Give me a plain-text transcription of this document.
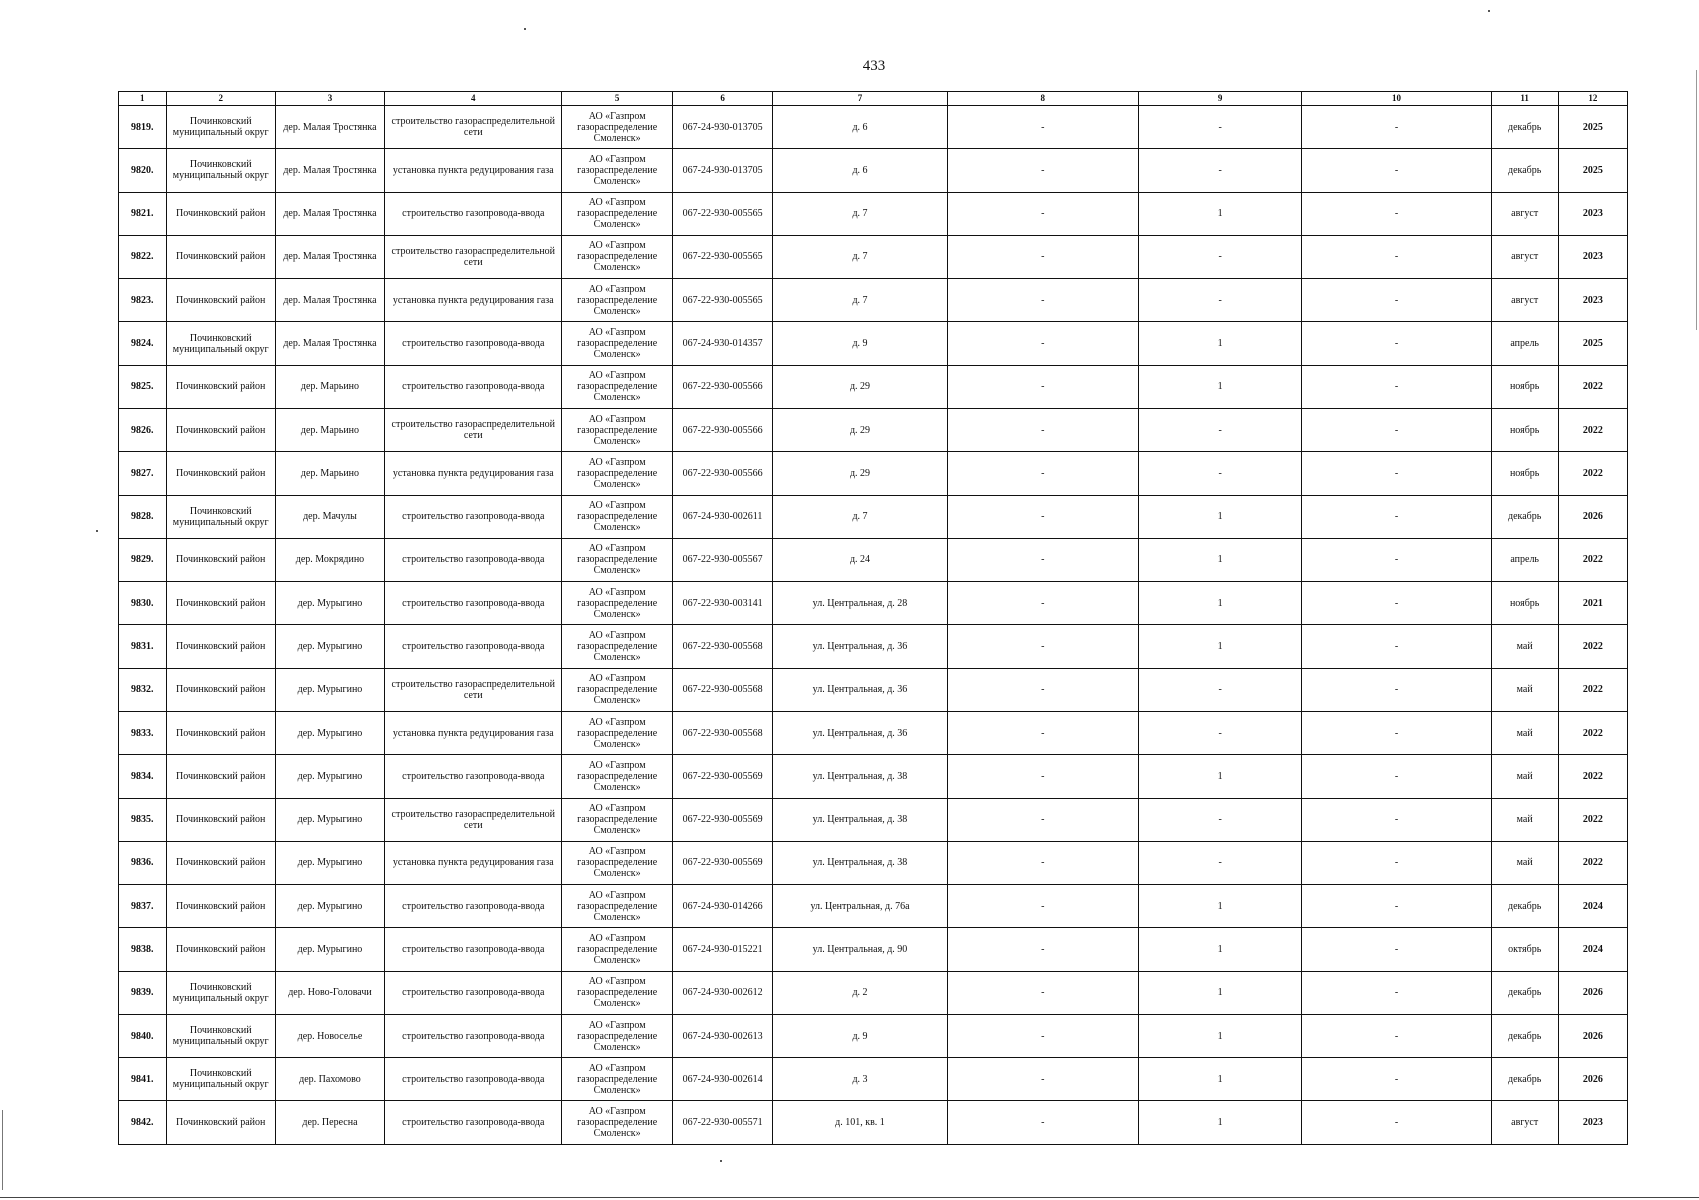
433
1	2	3	4	5	6	7	8	9	10	11	12
9819.	Починковский муниципальный округ	дер. Малая Тростянка	строительство газораспределительной сети	АО «Газпром газораспределение Смоленск»	067-24-930-013705	д. 6	-	-	-	декабрь	2025
9820.	Починковский муниципальный округ	дер. Малая Тростянка	установка пункта редуцирования газа	АО «Газпром газораспределение Смоленск»	067-24-930-013705	д. 6	-	-	-	декабрь	2025
9821.	Починковский район	дер. Малая Тростянка	строительство газопровода-ввода	АО «Газпром газораспределение Смоленск»	067-22-930-005565	д. 7	-	1	-	август	2023
9822.	Починковский район	дер. Малая Тростянка	строительство газораспределительной сети	АО «Газпром газораспределение Смоленск»	067-22-930-005565	д. 7	-	-	-	август	2023
9823.	Починковский район	дер. Малая Тростянка	установка пункта редуцирования газа	АО «Газпром газораспределение Смоленск»	067-22-930-005565	д. 7	-	-	-	август	2023
9824.	Починковский муниципальный округ	дер. Малая Тростянка	строительство газопровода-ввода	АО «Газпром газораспределение Смоленск»	067-24-930-014357	д. 9	-	1	-	апрель	2025
9825.	Починковский район	дер. Марьино	строительство газопровода-ввода	АО «Газпром газораспределение Смоленск»	067-22-930-005566	д. 29	-	1	-	ноябрь	2022
9826.	Починковский район	дер. Марьино	строительство газораспределительной сети	АО «Газпром газораспределение Смоленск»	067-22-930-005566	д. 29	-	-	-	ноябрь	2022
9827.	Починковский район	дер. Марьино	установка пункта редуцирования газа	АО «Газпром газораспределение Смоленск»	067-22-930-005566	д. 29	-	-	-	ноябрь	2022
9828.	Починковский муниципальный округ	дер. Мачулы	строительство газопровода-ввода	АО «Газпром газораспределение Смоленск»	067-24-930-002611	д. 7	-	1	-	декабрь	2026
9829.	Починковский район	дер. Мокрядино	строительство газопровода-ввода	АО «Газпром газораспределение Смоленск»	067-22-930-005567	д. 24	-	1	-	апрель	2022
9830.	Починковский район	дер. Мурыгино	строительство газопровода-ввода	АО «Газпром газораспределение Смоленск»	067-22-930-003141	ул. Центральная, д. 28	-	1	-	ноябрь	2021
9831.	Починковский район	дер. Мурыгино	строительство газопровода-ввода	АО «Газпром газораспределение Смоленск»	067-22-930-005568	ул. Центральная, д. 36	-	1	-	май	2022
9832.	Починковский район	дер. Мурыгино	строительство газораспределительной сети	АО «Газпром газораспределение Смоленск»	067-22-930-005568	ул. Центральная, д. 36	-	-	-	май	2022
9833.	Починковский район	дер. Мурыгино	установка пункта редуцирования газа	АО «Газпром газораспределение Смоленск»	067-22-930-005568	ул. Центральная, д. 36	-	-	-	май	2022
9834.	Починковский район	дер. Мурыгино	строительство газопровода-ввода	АО «Газпром газораспределение Смоленск»	067-22-930-005569	ул. Центральная, д. 38	-	1	-	май	2022
9835.	Починковский район	дер. Мурыгино	строительство газораспределительной сети	АО «Газпром газораспределение Смоленск»	067-22-930-005569	ул. Центральная, д. 38	-	-	-	май	2022
9836.	Починковский район	дер. Мурыгино	установка пункта редуцирования газа	АО «Газпром газораспределение Смоленск»	067-22-930-005569	ул. Центральная, д. 38	-	-	-	май	2022
9837.	Починковский район	дер. Мурыгино	строительство газопровода-ввода	АО «Газпром газораспределение Смоленск»	067-24-930-014266	ул. Центральная, д. 76а	-	1	-	декабрь	2024
9838.	Починковский район	дер. Мурыгино	строительство газопровода-ввода	АО «Газпром газораспределение Смоленск»	067-24-930-015221	ул. Центральная, д. 90	-	1	-	октябрь	2024
9839.	Починковский муниципальный округ	дер. Ново-Головачи	строительство газопровода-ввода	АО «Газпром газораспределение Смоленск»	067-24-930-002612	д. 2	-	1	-	декабрь	2026
9840.	Починковский муниципальный округ	дер. Новоселье	строительство газопровода-ввода	АО «Газпром газораспределение Смоленск»	067-24-930-002613	д. 9	-	1	-	декабрь	2026
9841.	Починковский муниципальный округ	дер. Пахомово	строительство газопровода-ввода	АО «Газпром газораспределение Смоленск»	067-24-930-002614	д. 3	-	1	-	декабрь	2026
9842.	Починковский район	дер. Пересна	строительство газопровода-ввода	АО «Газпром газораспределение Смоленск»	067-22-930-005571	д. 101, кв. 1	-	1	-	август	2023
